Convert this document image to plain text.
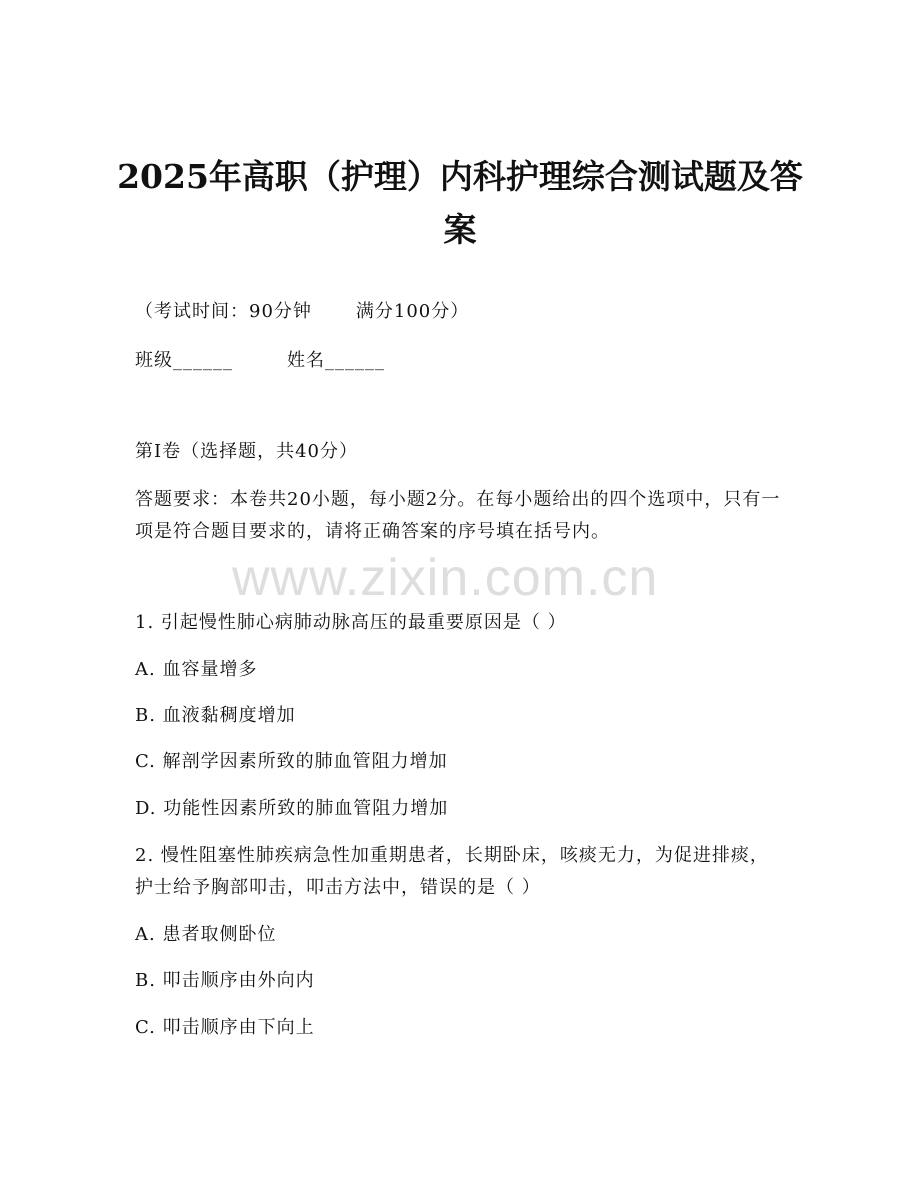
2025年高职（护理）内科护理综合测试题及答案
（考试时间：90分钟 满分100分）
班级______	姓名______
第I卷（选择题，共40分）
答题要求：本卷共20小题，每小题2分。在每小题给出的四个选项中，只有一项是符合题目要求的，请将正确答案的序号填在括号内。
www.zixin.com.cn
1. 引起慢性肺心病肺动脉高压的最重要原因是（ ）
A. 血容量增多
B. 血液黏稠度增加
C. 解剖学因素所致的肺血管阻力增加
D. 功能性因素所致的肺血管阻力增加
2. 慢性阻塞性肺疾病急性加重期患者，长期卧床，咳痰无力，为促进排痰，护士给予胸部叩击，叩击方法中，错误的是（ ）
A. 患者取侧卧位
B. 叩击顺序由外向内
C. 叩击顺序由下向上
